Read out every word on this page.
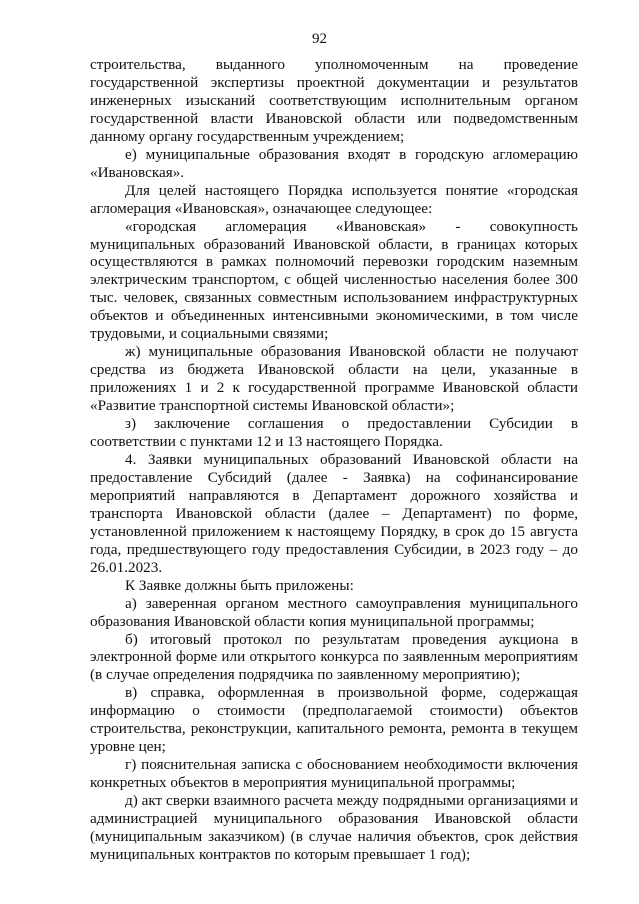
92

строительства, выданного уполномоченным на проведение государственной экспертизы проектной документации и результатов инженерных изысканий соответствующим исполнительным органом государственной власти Ивановской области или подведомственным данному органу государственным учреждением;

е) муниципальные образования входят в городскую агломерацию «Ивановская».

Для целей настоящего Порядка используется понятие «городская агломерация «Ивановская», означающее следующее:

«городская агломерация «Ивановская» - совокупность муниципальных образований Ивановской области, в границах которых осуществляются в рамках полномочий перевозки городским наземным электрическим транспортом, с общей численностью населения более 300 тыс. человек, связанных совместным использованием инфраструктурных объектов и объединенных интенсивными экономическими, в том числе трудовыми, и социальными связями;

ж) муниципальные образования Ивановской области не получают средства из бюджета Ивановской области на цели, указанные в приложениях 1 и 2 к государственной программе Ивановской области «Развитие транспортной системы Ивановской области»;

з) заключение соглашения о предоставлении Субсидии в соответствии с пунктами 12 и 13 настоящего Порядка.

4. Заявки муниципальных образований Ивановской области на предоставление Субсидий (далее - Заявка) на софинансирование мероприятий направляются в Департамент дорожного хозяйства и транспорта Ивановской области (далее – Департамент) по форме, установленной приложением к настоящему Порядку, в срок до 15 августа года, предшествующего году предоставления Субсидии, в 2023 году – до 26.01.2023.

К Заявке должны быть приложены:

а) заверенная органом местного самоуправления муниципального образования Ивановской области копия муниципальной программы;

б) итоговый протокол по результатам проведения аукциона в электронной форме или открытого конкурса по заявленным мероприятиям (в случае определения подрядчика по заявленному мероприятию);

в) справка, оформленная в произвольной форме, содержащая информацию о стоимости (предполагаемой стоимости) объектов строительства, реконструкции, капитального ремонта, ремонта в текущем уровне цен;

г) пояснительная записка с обоснованием необходимости включения конкретных объектов в мероприятия муниципальной программы;

д) акт сверки взаимного расчета между подрядными организациями и администрацией муниципального образования Ивановской области (муниципальным заказчиком) (в случае наличия объектов, срок действия муниципальных контрактов по которым превышает 1 год);
